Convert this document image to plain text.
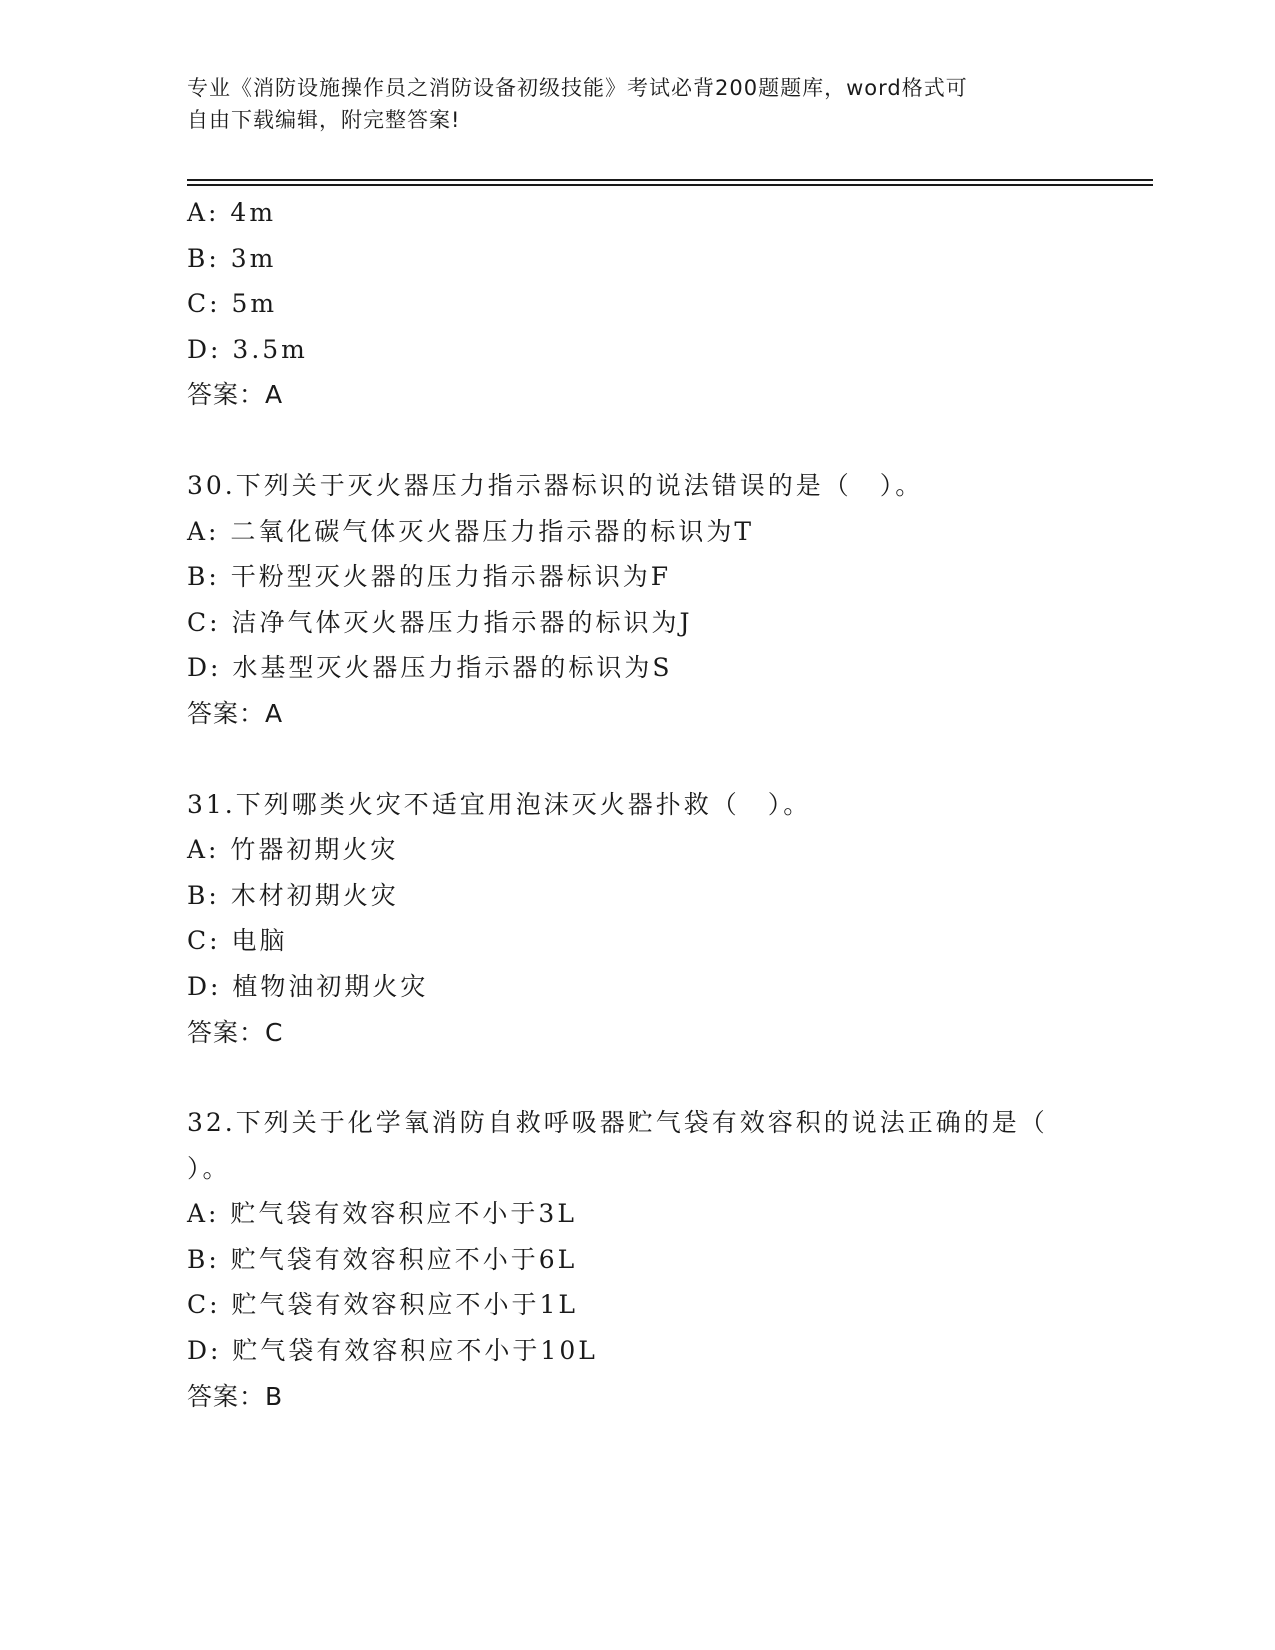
专业《消防设施操作员之消防设备初级技能》考试必背200题题库，word格式可
自由下载编辑，附完整答案!
A: 4m
B: 3m
C: 5m
D: 3.5m
答案：A
30.下列关于灭火器压力指示器标识的说法错误的是（　）。
A: 二氧化碳气体灭火器压力指示器的标识为T
B: 干粉型灭火器的压力指示器标识为F
C: 洁净气体灭火器压力指示器的标识为J
D: 水基型灭火器压力指示器的标识为S
答案：A
31.下列哪类火灾不适宜用泡沫灭火器扑救（　）。
A: 竹器初期火灾
B: 木材初期火灾
C: 电脑
D: 植物油初期火灾
答案：C
32.下列关于化学氧消防自救呼吸器贮气袋有效容积的说法正确的是（
）。
A: 贮气袋有效容积应不小于3L
B: 贮气袋有效容积应不小于6L
C: 贮气袋有效容积应不小于1L
D: 贮气袋有效容积应不小于10L
答案：B
